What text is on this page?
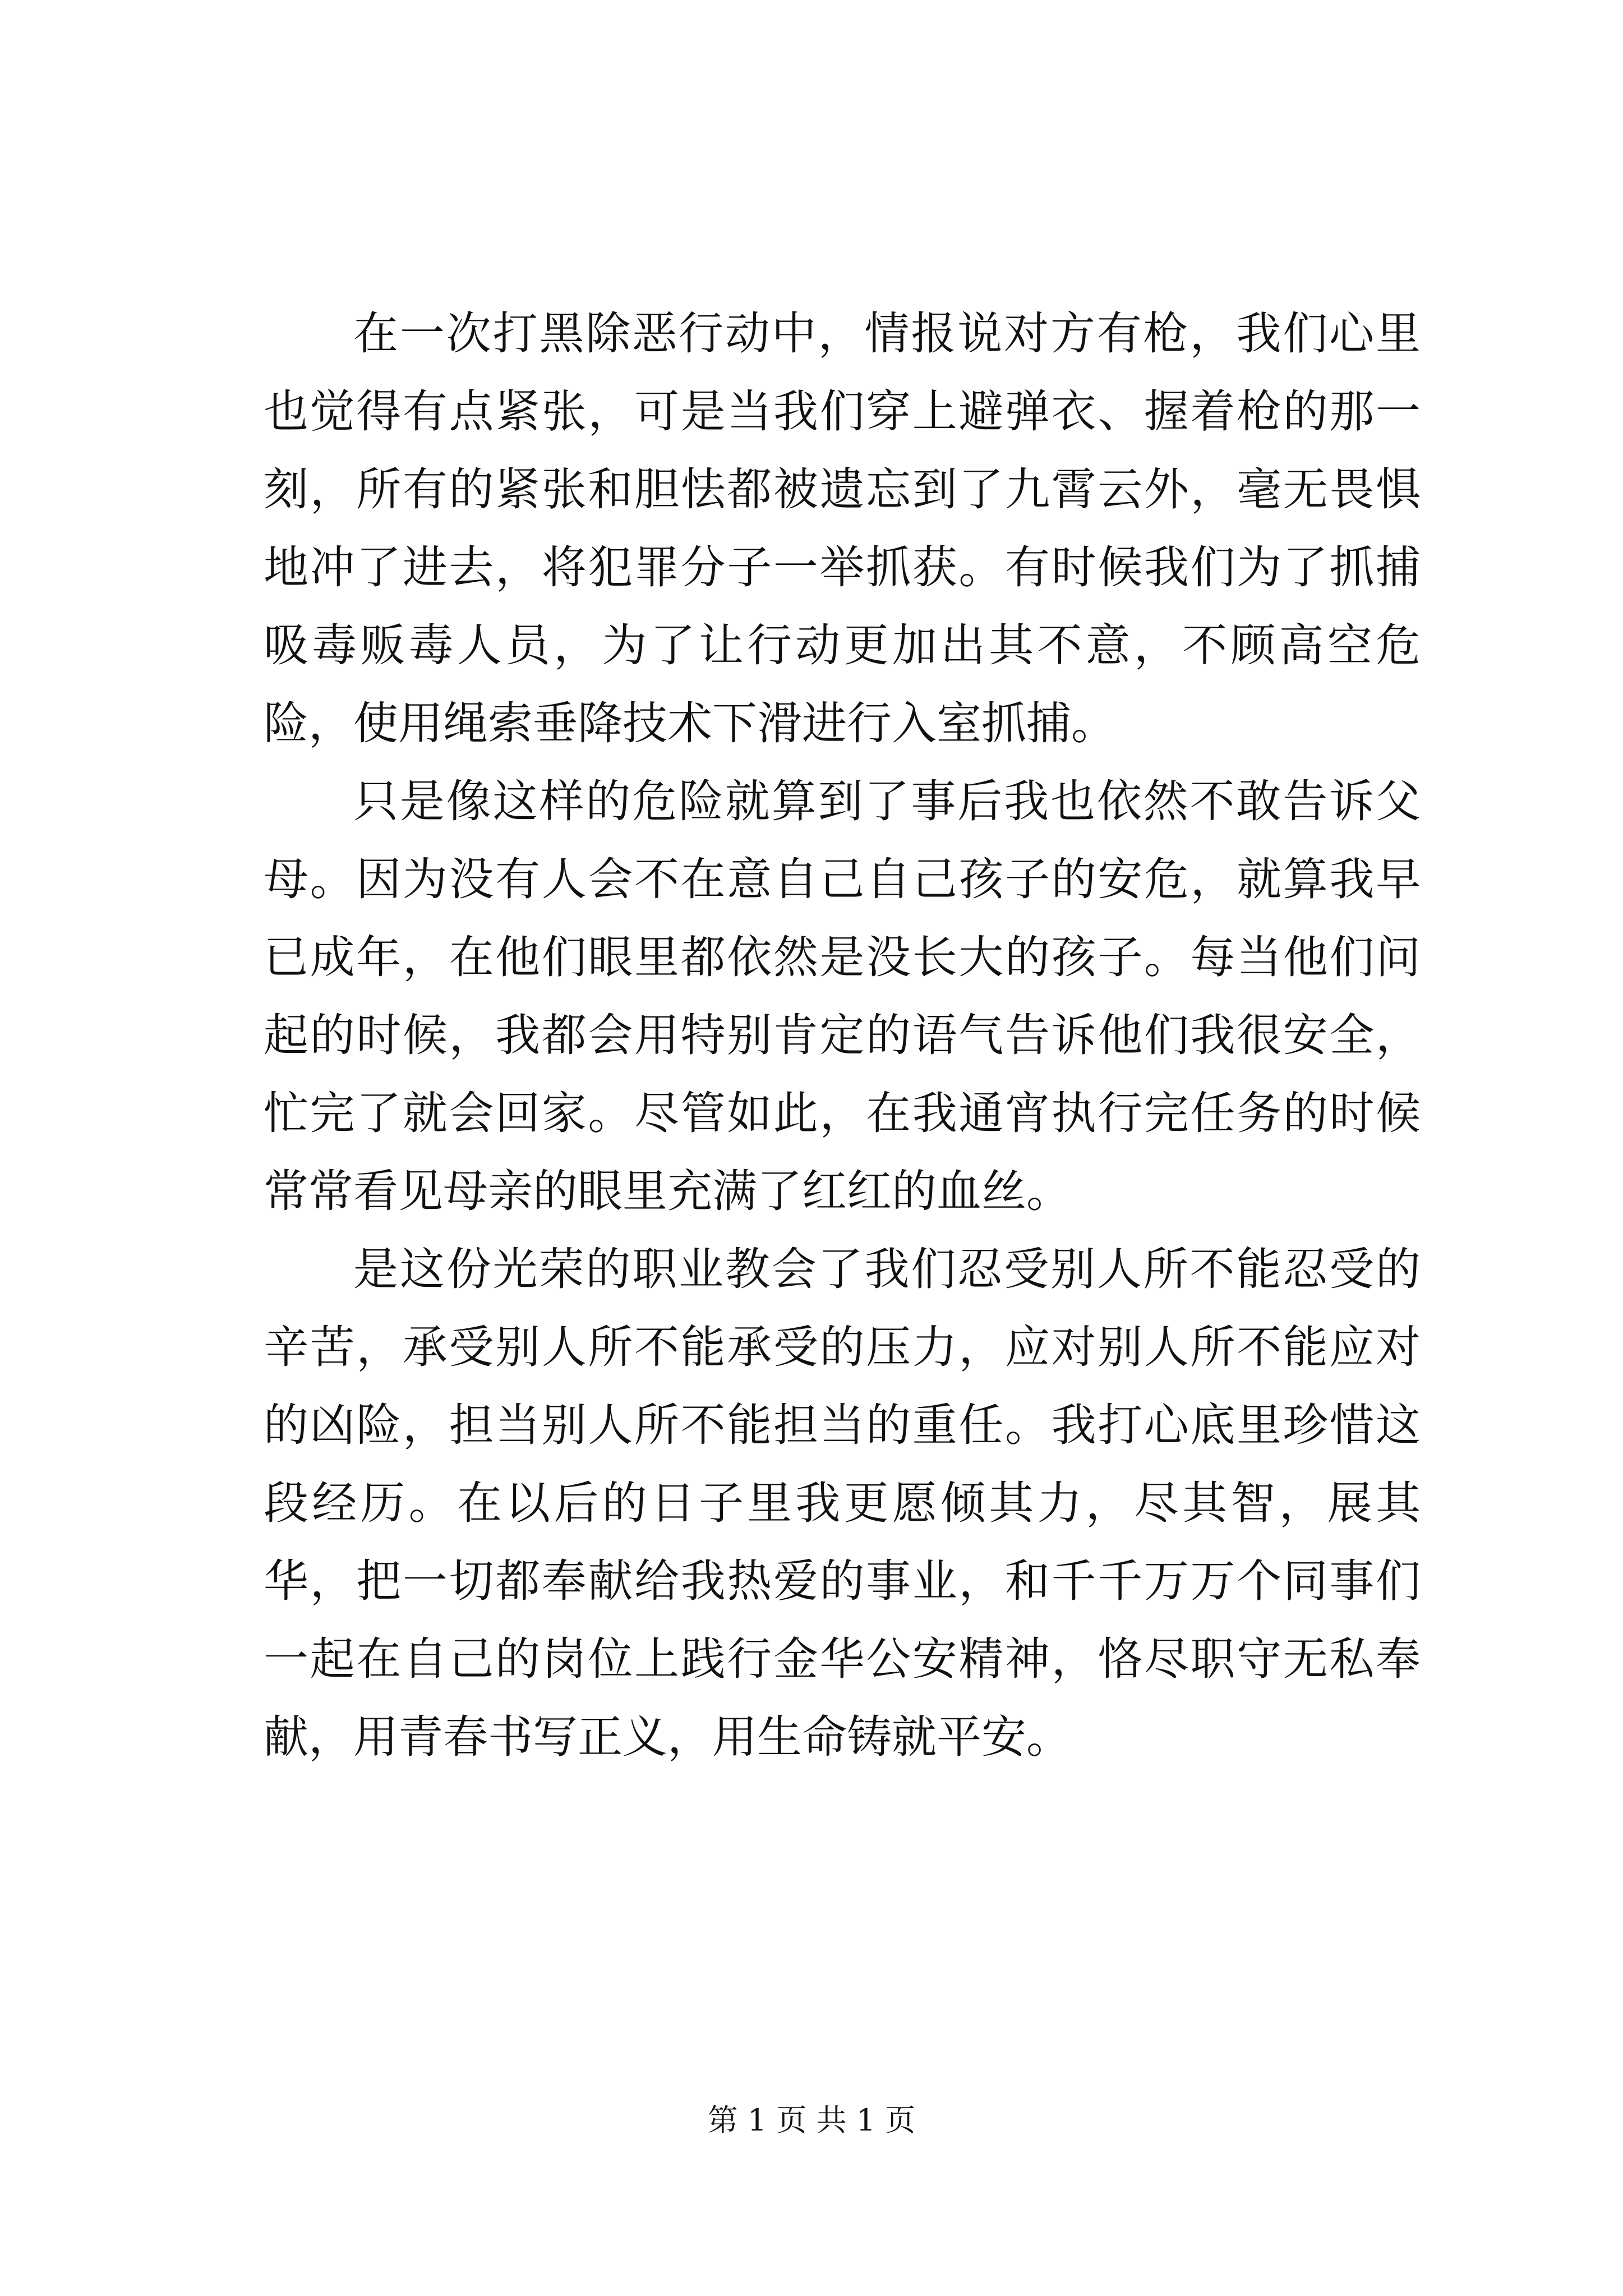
在一次打黑除恶行动中，情报说对方有枪，我们心里也觉得有点紧张，可是当我们穿上避弹衣、握着枪的那一刻，所有的紧张和胆怯都被遗忘到了九霄云外，毫无畏惧地冲了进去，将犯罪分子一举抓获。有时候我们为了抓捕吸毒贩毒人员，为了让行动更加出其不意，不顾高空危险，使用绳索垂降技术下滑进行入室抓捕。

只是像这样的危险就算到了事后我也依然不敢告诉父母。因为没有人会不在意自己自己孩子的安危，就算我早已成年，在他们眼里都依然是没长大的孩子。每当他们问起的时候，我都会用特别肯定的语气告诉他们我很安全，忙完了就会回家。尽管如此，在我通宵执行完任务的时候常常看见母亲的眼里充满了红红的血丝。

是这份光荣的职业教会了我们忍受别人所不能忍受的辛苦，承受别人所不能承受的压力，应对别人所不能应对的凶险，担当别人所不能担当的重任。我打心底里珍惜这段经历。在以后的日子里我更愿倾其力，尽其智，展其华，把一切都奉献给我热爱的事业，和千千万万个同事们一起在自己的岗位上践行金华公安精神，恪尽职守无私奉献，用青春书写正义，用生命铸就平安。

第 1 页 共 1 页
